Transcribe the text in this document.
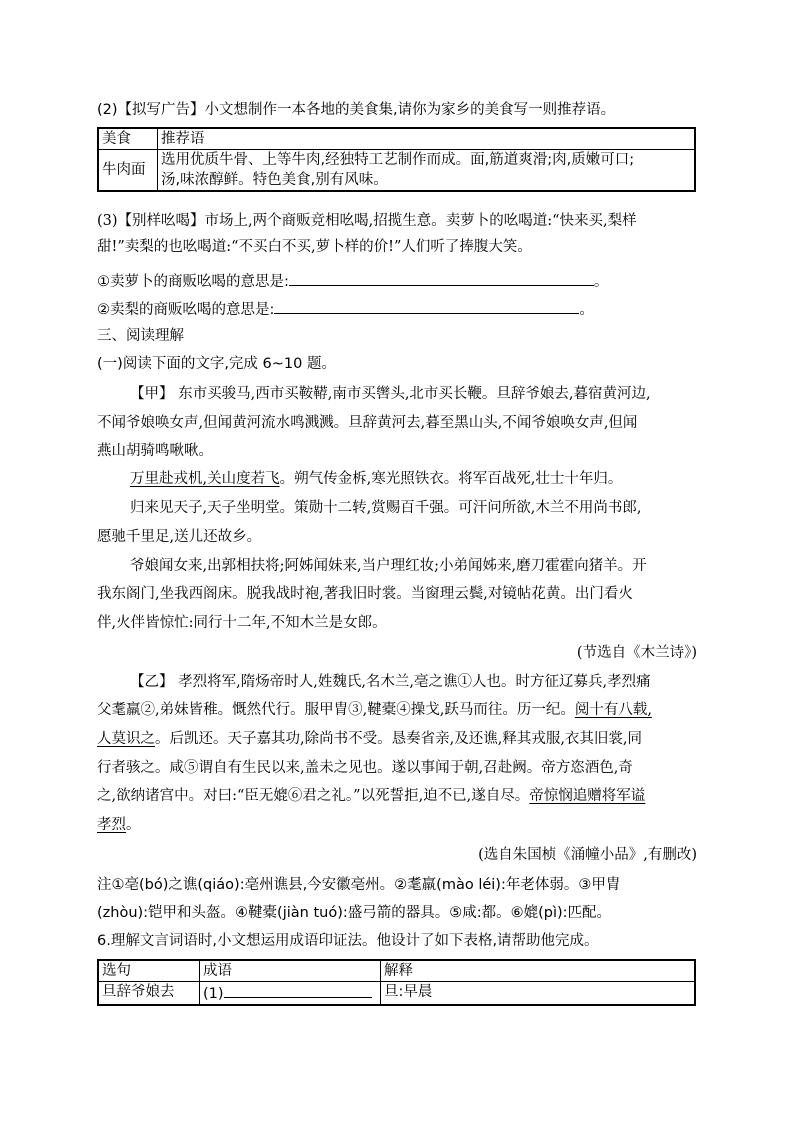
(2)【拟写广告】小文想制作一本各地的美食集,请你为家乡的美食写一则推荐语。
美食	推荐语
牛肉面	选用优质牛骨、上等牛肉,经独特工艺制作而成。面,筋道爽滑;肉,质嫩可口;
汤,味浓醇鲜。特色美食,别有风味。
(3)【别样吆喝】市场上,两个商贩竞相吆喝,招揽生意。卖萝卜的吆喝道:“快来买,梨样
甜!”卖梨的也吆喝道:“不买白不买,萝卜样的价!”人们听了捧腹大笑。
①卖萝卜的商贩吆喝的意思是:	。
②卖梨的商贩吆喝的意思是:	。
三、阅读理解
(一)阅读下面的文字,完成 6~10 题。
【甲】 东市买骏马,西市买鞍鞯,南市买辔头,北市买长鞭。旦辞爷娘去,暮宿黄河边,
不闻爷娘唤女声,但闻黄河流水鸣溅溅。旦辞黄河去,暮至黑山头,不闻爷娘唤女声,但闻
燕山胡骑鸣啾啾。
万里赴戎机,关山度若飞。朔气传金柝,寒光照铁衣。将军百战死,壮士十年归。
归来见天子,天子坐明堂。策勋十二转,赏赐百千强。可汗问所欲,木兰不用尚书郎,
愿驰千里足,送儿还故乡。
爷娘闻女来,出郭相扶将;阿姊闻妹来,当户理红妆;小弟闻姊来,磨刀霍霍向猪羊。开
我东阁门,坐我西阁床。脱我战时袍,著我旧时裳。当窗理云鬓,对镜帖花黄。出门看火
伴,火伴皆惊忙:同行十二年,不知木兰是女郎。
(节选自《木兰诗》)
【乙】 孝烈将军,隋炀帝时人,姓魏氏,名木兰,亳之谯①人也。时方征辽募兵,孝烈痛
父耄羸②,弟妹皆稚。慨然代行。服甲胄③,鞬橐④操戈,跃马而往。历一纪。阅十有八载,
人莫识之。后凯还。天子嘉其功,除尚书不受。恳奏省亲,及还谯,释其戎服,衣其旧裳,同
行者骇之。咸⑤谓自有生民以来,盖未之见也。遂以事闻于朝,召赴阙。帝方恣酒色,奇
之,欲纳诸宫中。对曰:“臣无媲⑥君之礼。”以死誓拒,迫不已,遂自尽。帝惊悯追赠将军谥
孝烈。
(选自朱国桢《涌幢小品》,有删改)
注①亳(bó)之谯(qiáo):亳州谯县,今安徽亳州。②耄羸(mào léi):年老体弱。③甲胄
(zhòu):铠甲和头盔。④鞬橐(jiàn tuó):盛弓箭的器具。⑤咸:都。⑥媲(pì):匹配。
6.理解文言词语时,小文想运用成语印证法。他设计了如下表格,请帮助他完成。
选句	成语	解释
旦辞爷娘去	(1)	旦:早晨
